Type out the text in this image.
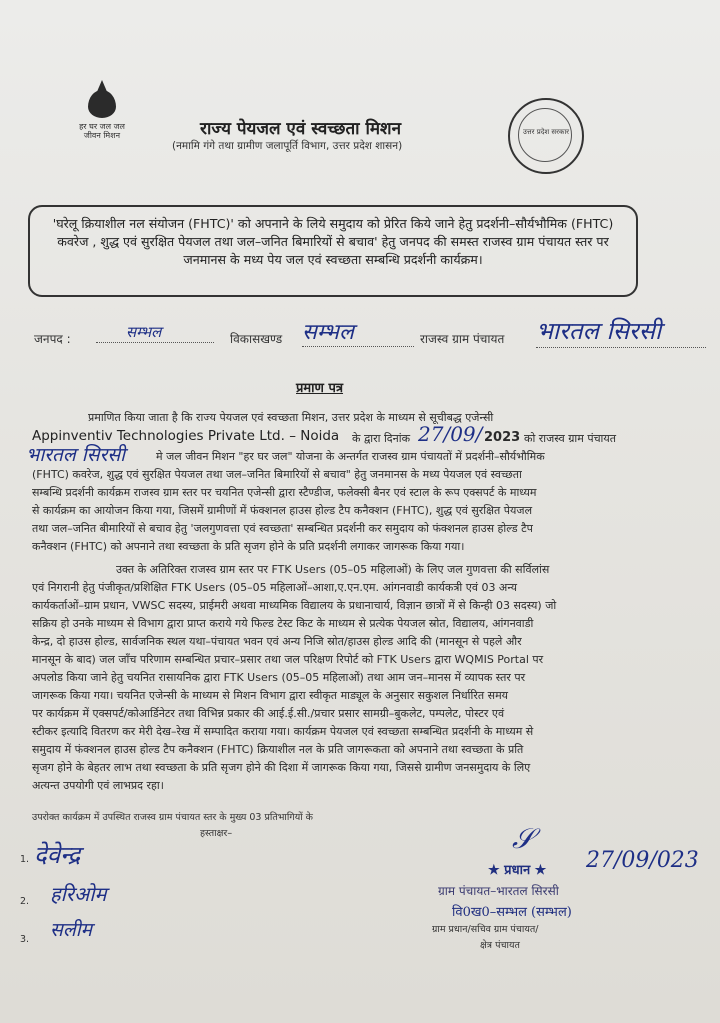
हर घर जल जल जीवन मिशन	राज्य पेयजल एवं स्वच्छता मिशन
(नमामि गंगे तथा ग्रामीण जलापूर्ति विभाग, उत्तर प्रदेश शासन)
उत्तर प्रदेश सरकार
'घरेलू क्रियाशील नल संयोजन (FHTC)' को अपनाने के लिये समुदाय को प्रेरित किये जाने हेतु प्रदर्शनी–सौर्यभौमिक (FHTC) कवरेज , शुद्ध एवं सुरक्षित पेयजल तथा जल–जनित बिमारियों से बचाव' हेतु जनपद की समस्त राजस्व ग्राम पंचायत स्तर पर जनमानस के मध्य पेय जल एवं स्वच्छता सम्बन्धि प्रदर्शनी कार्यक्रम।
जनपद :	सम्भल	विकासखण्ड सम्भल	राजस्व ग्राम पंचायत भारतल सिरसी
प्रमाण पत्र
प्रमाणित किया जाता है कि राज्य पेयजल एवं स्वच्छता मिशन, उत्तर प्रदेश के माध्यम से सूचीबद्ध एजेन्सी
Appinventiv Technologies Private Ltd. – Noida के द्वारा दिनांक 27/09/ 2023 को राजस्व ग्राम पंचायत
भारतल सिरसी	मे जल जीवन मिशन "हर घर जल" योजना के अन्तर्गत राजस्व ग्राम पंचायतों में प्रदर्शनी–सौर्यभौमिक
(FHTC) कवरेज, शुद्ध एवं सुरक्षित पेयजल तथा जल–जनित बिमारियों से बचाव" हेतु जनमानस के मध्य पेयजल एवं स्वच्छता
सम्बन्धि प्रदर्शनी कार्यक्रम राजस्व ग्राम स्तर पर चयनित एजेन्सी द्वारा स्टैण्डीज, फलेक्सी बैनर एवं स्टाल के रूप एक्सपर्ट के माध्यम
से कार्यक्रम का आयोजन किया गया, जिसमें ग्रामीणों में फंक्शनल हाउस होल्ड टैप कनैक्शन (FHTC), शुद्ध एवं सुरक्षित पेयजल
तथा जल–जनित बीमारियों से बचाव हेतु 'जलगुणवत्ता एवं स्वच्छता' सम्बन्धित प्रदर्शनी कर समुदाय को फंक्शनल हाउस होल्ड टैप
कनैक्शन (FHTC) को अपनाने तथा स्वच्छता के प्रति सृजग होने के प्रति प्रदर्शनी लगाकर जागरूक किया गया।
उक्त के अतिरिक्त राजस्व ग्राम स्तर पर FTK Users (05–05 महिलाओं) के लिए जल गुणवत्ता की सर्विलांस
एवं निगरानी हेतु पंजीकृत/प्रशिक्षित FTK Users (05–05 महिलाओं–आशा,ए.एन.एम. आंगनवाडी कार्यकत्री एवं 03 अन्य
कार्यकर्ताओं–ग्राम प्रधान, VWSC सदस्य, प्राईमरी अथवा माध्यमिक विद्यालय के प्रधानाचार्य, विज्ञान छात्रों में से किन्ही 03 सदस्य) जो
सक्रिय हो उनके माध्यम से विभाग द्वारा प्राप्त कराये गये फिल्ड टेस्ट किट के माध्यम से प्रत्येक पेयजल स्रोत, विद्यालय, आंगनवाडी
केन्द्र, दो हाउस होल्ड, सार्वजनिक स्थल यथा–पंचायत भवन एवं अन्य निजि स्रोत/हाउस होल्ड आदि की (मानसून से पहले और
मानसून के बाद) जल जाँच परिणाम सम्बन्धित प्रचार–प्रसार तथा जल परिक्षण रिपोर्ट को FTK Users द्वारा WQMIS Portal पर
अपलोड किया जाने हेतु चयनित रासायनिक द्वारा FTK Users (05–05 महिलाओं) तथा आम जन–मानस में व्यापक स्तर पर
जागरूक किया गया। चयनित एजेन्सी के माध्यम से मिशन विभाग द्वारा स्वीकृत माड्यूल के अनुसार सकुशल निर्धारित समय
पर कार्यक्रम में एक्सपर्ट/कोआर्डिनेटर तथा विभिन्न प्रकार की आई.ई.सी./प्रचार प्रसार सामग्री–बुकलेट, पम्पलेट, पोस्टर एवं
स्टीकर इत्यादि वितरण कर मेरी देख–रेख में सम्पादित कराया गया। कार्यक्रम पेयजल एवं स्वच्छता सम्बन्धित प्रदर्शनी के माध्यम से
समुदाय में फंक्शनल हाउस होल्ड टैप कनैक्शन (FHTC) क्रियाशील नल के प्रति जागरूकता को अपनाने तथा स्वच्छता के प्रति
सृजग होने के बेहतर लाभ तथा स्वच्छता के प्रति सृजग होने की दिशा में जागरूक किया गया, जिससे ग्रामीण जनसमुदाय के लिए
अत्यन्त उपयोगी एवं लाभप्रद रहा।
उपरोक्त कार्यक्रम में उपस्थित राजस्व ग्राम पंचायत स्तर के मुख्य 03 प्रतिभागियों के
हस्ताक्षर–
1. देवेन्द्र
2. हरिओम
3. सलीम
𝒮
★ प्रधान ★ 27/09/023
ग्राम पंचायत–भारतल सिरसी
वि0ख0–सम्भल (सम्भल)
ग्राम प्रधान/सचिव ग्राम पंचायत/
क्षेत्र पंचायत
